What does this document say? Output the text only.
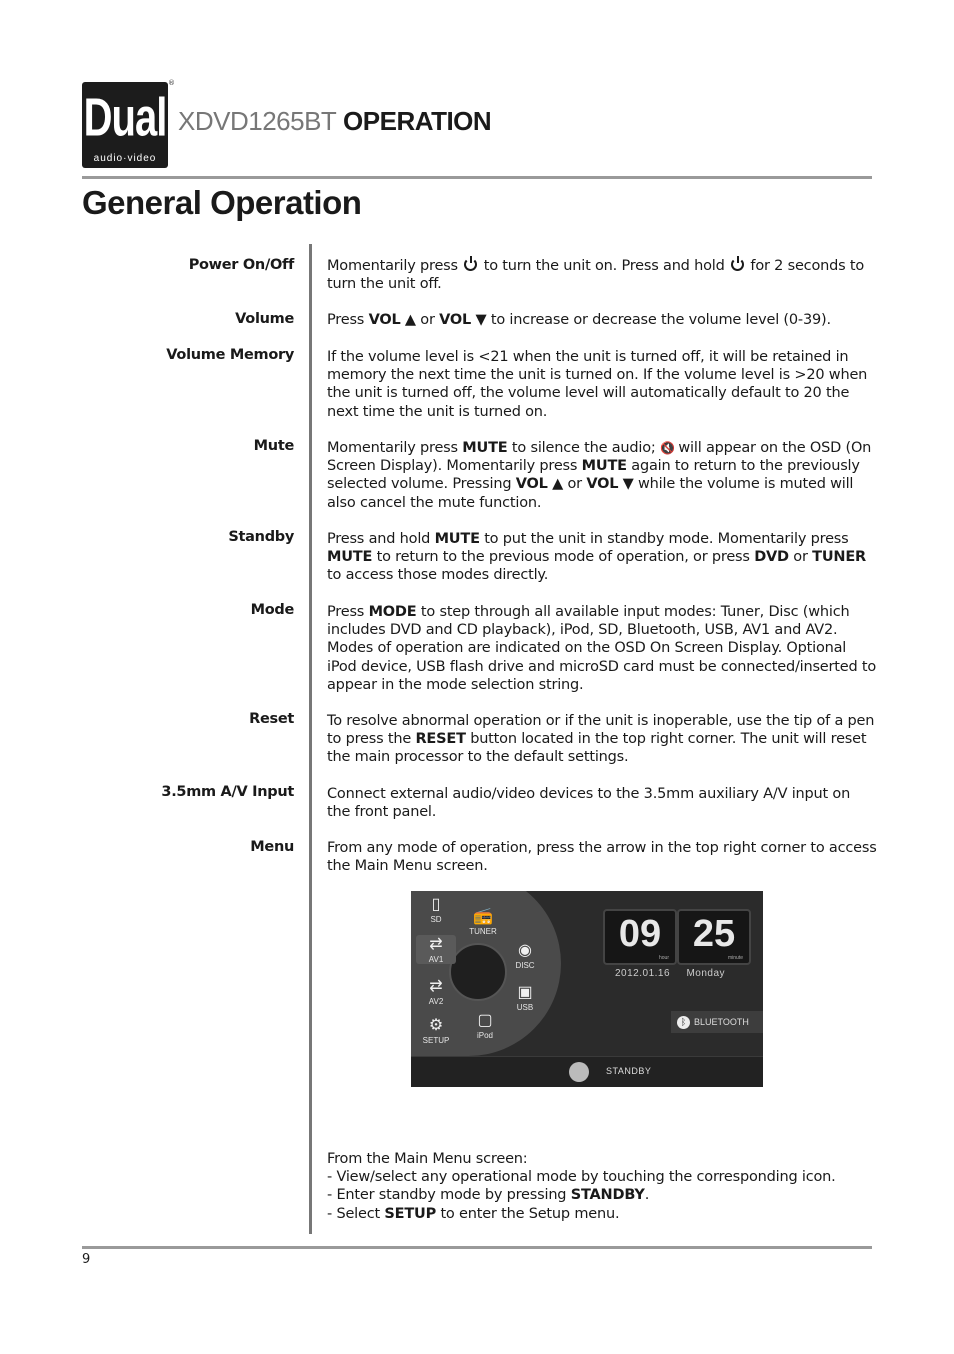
Dual
audio·video
®
XDVD1265BT OPERATION
General Operation
Power On/Off Momentarily press  to turn the unit on. Press and hold  for 2 seconds to turn the unit off.
Volume Press VOL ▲ or VOL ▼ to increase or decrease the volume level (0-39).
Volume Memory If the volume level is <21 when the unit is turned off, it will be retained in memory the next time the unit is turned on. If the volume level is >20 when the unit is turned off, the volume level will automatically default to 20 the next time the unit is turned on.
Mute Momentarily press MUTE to silence the audio; 🔇 will appear on the OSD (On Screen Display). Momentarily press MUTE again to return to the previously selected volume. Pressing VOL ▲ or VOL ▼ while the volume is muted will also cancel the mute function.
Standby Press and hold MUTE to put the unit in standby mode. Momentarily press MUTE to return to the previous mode of operation, or press DVD or TUNER to access those modes directly.
Mode Press MODE to step through all available input modes: Tuner, Disc (which includes DVD and CD playback), iPod, SD, Bluetooth, USB, AV1 and AV2. Modes of operation are indicated on the OSD On Screen Display. Optional iPod device, USB flash drive and microSD card must be connected/inserted to appear in the mode selection string.
Reset To resolve abnormal operation or if the unit is inoperable, use the tip of a pen to press the RESET button located in the top right corner. The unit will reset the main processor to the default settings.
3.5mm A/V Input Connect external audio/video devices to the 3.5mm auxiliary A/V input on the front panel.
Menu From any mode of operation, press the arrow in the top right corner to access the Main Menu screen.
▯
SD
⇄
AV1
⇄
AV2
⚙
SETUP
📻
TUNER
◉
DISC
▣
USB
▢
iPod
09
hour
25
minute
2012.01.16 Monday
ᛒ BLUETOOTH
STANDBY
From the Main Menu screen:
- View/select any operational mode by touching the corresponding icon.
- Enter standby mode by pressing STANDBY.
- Select SETUP to enter the Setup menu.
9
